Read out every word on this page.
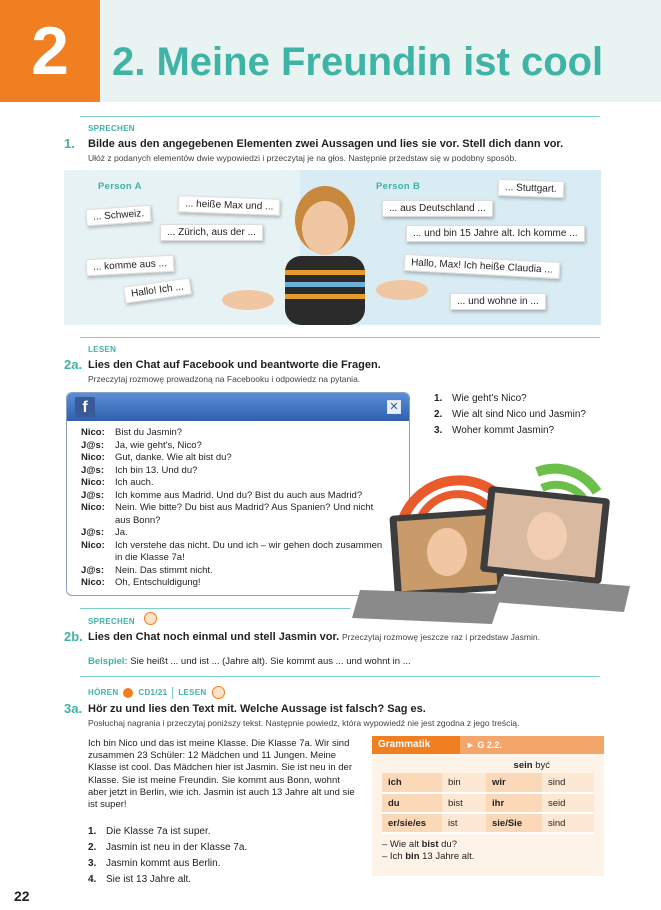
2	2. Meine Freundin ist cool
SPRECHEN
1. Bilde aus den angegebenen Elementen zwei Aussagen und lies sie vor. Stell dich dann vor.
Ułóż z podanych elementów dwie wypowiedzi i przeczytaj je na głos. Następnie przedstaw się w podobny sposób.
Person A	Person B
... heiße Max und ...
... Schweiz.
... Zürich, aus der ...
... komme aus ...
Hallo! Ich ...
... Stuttgart.
... aus Deutschland ...
... und bin 15 Jahre alt. Ich komme ...
Hallo, Max! Ich heiße Claudia ...
... und wohne in ...
LESEN
2a. Lies den Chat auf Facebook und beantworte die Fragen.
Przeczytaj rozmowę prowadzoną na Facebooku i odpowiedz na pytania.
f	✕
Nico:	Bist du Jasmin?
J@s:	Ja, wie geht's, Nico?
Nico:	Gut, danke. Wie alt bist du?
J@s:	Ich bin 13. Und du?
Nico:	Ich auch.
J@s:	Ich komme aus Madrid. Und du? Bist du auch aus Madrid?
Nico:	Nein. Wie bitte? Du bist aus Madrid? Aus Spanien? Und nicht aus Bonn?
J@s:	Ja.
Nico:	Ich verstehe das nicht. Du und ich – wir gehen doch zusammen in die Klasse 7a!
J@s:	Nein. Das stimmt nicht.
Nico:	Oh, Entschuldigung!
1. Wie geht's Nico?
2. Wie alt sind Nico und Jasmin?
3. Woher kommt Jasmin?
SPRECHEN
2b. Lies den Chat noch einmal und stell Jasmin vor. Przeczytaj rozmowę jeszcze raz i przedstaw Jasmin.
Beispiel: Sie heißt ... und ist ... (Jahre alt). Sie kommt aus ... und wohnt in ...
HÖREN	CD1/21 LESEN
3a. Hör zu und lies den Text mit. Welche Aussage ist falsch? Sag es.
Posłuchaj nagrania i przeczytaj poniższy tekst. Następnie powiedz, która wypowiedź nie jest zgodna z jego treścią.
Ich bin Nico und das ist meine Klasse. Die Klasse 7a. Wir sind zusammen 23 Schüler: 12 Mädchen und 11 Jungen. Meine Klasse ist cool. Das Mädchen hier ist Jasmin. Sie ist neu in der Klasse. Sie ist meine Freundin. Sie kommt aus Bonn, wohnt aber jetzt in Berlin, wie ich. Jasmin ist auch 13 Jahre alt und sie ist super!
1. Die Klasse 7a ist super.
2. Jasmin ist neu in der Klasse 7a.
3. Jasmin kommt aus Berlin.
4. Sie ist 13 Jahre alt.
Grammatik	► G 2.2.
sein być
ich	bin	wir	sind
du	bist	ihr	seid
er/sie/es	ist	sie/Sie	sind
– Wie alt bist du?
– Ich bin 13 Jahre alt.
22
